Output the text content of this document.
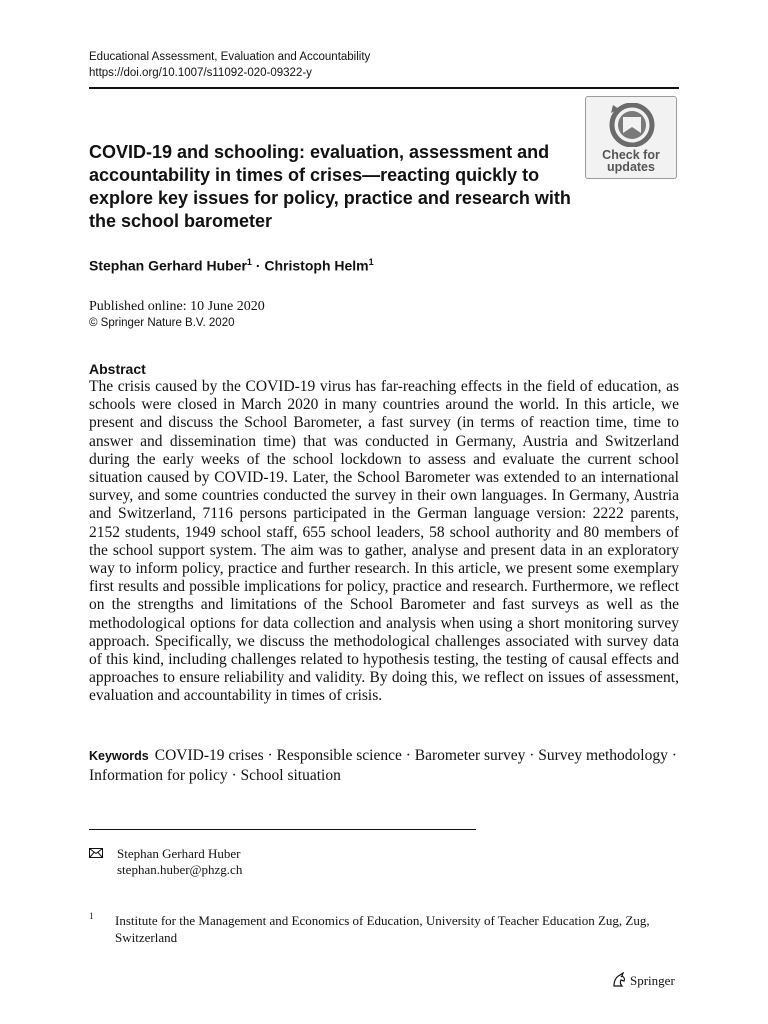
Educational Assessment, Evaluation and Accountability
https://doi.org/10.1007/s11092-020-09322-y
Check for
updates
COVID-19 and schooling: evaluation, assessment and accountability in times of crises—reacting quickly to explore key issues for policy, practice and research with the school barometer
Stephan Gerhard Huber$^1$ · Christoph Helm$^1$
Published online: 10 June 2020
© Springer Nature B.V. 2020
Abstract

The crisis caused by the COVID-19 virus has far-reaching effects in the field of education, as schools were closed in March 2020 in many countries around the world. In this article, we present and discuss the School Barometer, a fast survey (in terms of reaction time, time to answer and dissemination time) that was conducted in Germany, Austria and Switzerland during the early weeks of the school lockdown to assess and evaluate the current school situation caused by COVID-19. Later, the School Barometer was extended to an international survey, and some countries conducted the survey in their own languages. In Germany, Austria and Switzerland, 7116 persons participated in the German language version: 2222 parents, 2152 students, 1949 school staff, 655 school leaders, 58 school authority and 80 members of the school support system. The aim was to gather, analyse and present data in an exploratory way to inform policy, practice and further research. In this article, we present some exemplary first results and possible implications for policy, practice and research. Furthermore, we reflect on the strengths and limitations of the School Barometer and fast surveys as well as the methodological options for data collection and analysis when using a short monitoring survey approach. Specifically, we discuss the methodological challenges associated with survey data of this kind, including challenges related to hypothesis testing, the testing of causal effects and approaches to ensure reliability and validity. By doing this, we reflect on issues of assessment, evaluation and accountability in times of crisis.

Keywords COVID-19 crises · Responsible science · Barometer survey · Survey methodology · Information for policy · School situation
Stephan Gerhard Huber
stephan.huber@phzg.ch
1 Institute for the Management and Economics of Education, University of Teacher Education Zug, Zug, Switzerland
Springer
